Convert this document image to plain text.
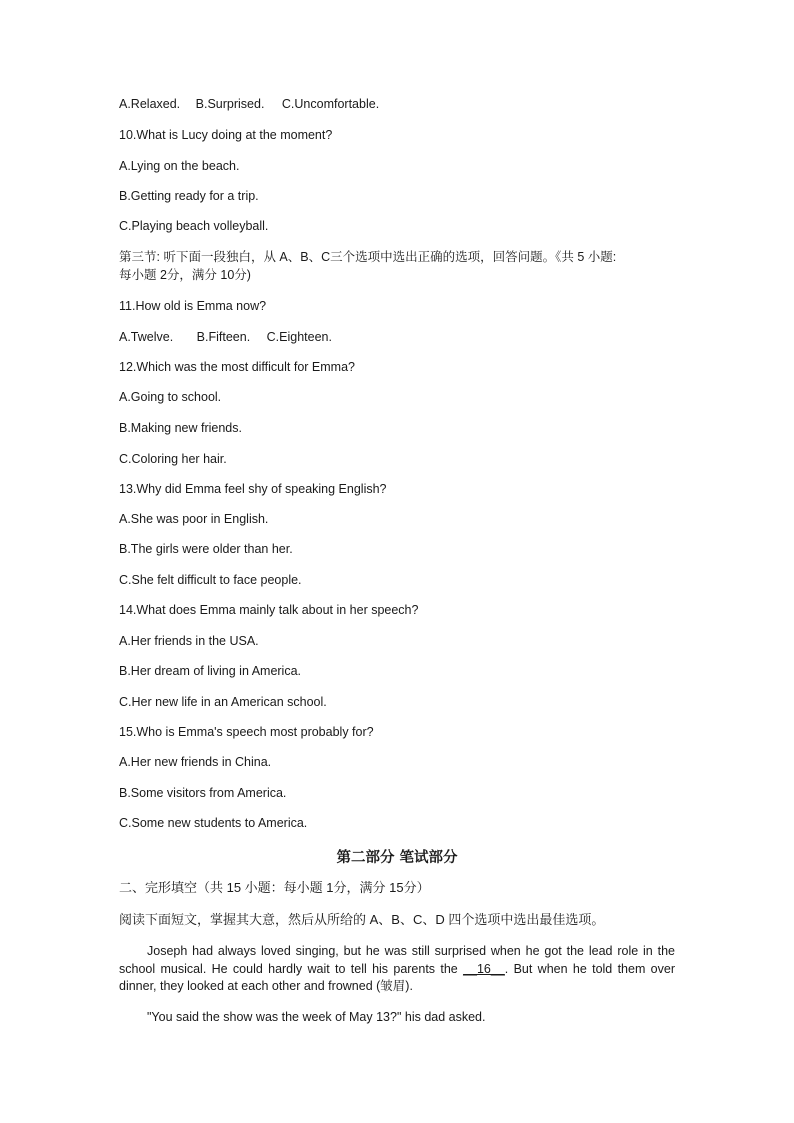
A.Relaxed. B.Surprised. C.Uncomfortable.
10.What is Lucy doing at the moment?
A.Lying on the beach.
B.Getting ready for a trip.
C.Playing beach volleyball.
第三节: 听下面一段独白，从 A、B、C三个选项中选出正确的选项，回答问题。《共 5 小题:
每小题 2分，满分 10分)
11.How old is Emma now?
A.Twelve. B.Fifteen. C.Eighteen.
12.Which was the most difficult for Emma?
A.Going to school.
B.Making new friends.
C.Coloring her hair.
13.Why did Emma feel shy of speaking English?
A.She was poor in English.
B.The girls were older than her.
C.She felt difficult to face people.
14.What does Emma mainly talk about in her speech?
A.Her friends in the USA.
B.Her dream of living in America.
C.Her new life in an American school.
15.Who is Emma's speech most probably for?
A.Her new friends in China.
B.Some visitors from America.
C.Some new students to America.
第二部分 笔试部分
二、完形填空（共 15 小题：每小题 1分，满分 15分）
阅读下面短文，掌握其大意，然后从所给的 A、B、C、D 四个选项中选出最佳选项。
Joseph had always loved singing, but he was still surprised when he got the lead role in the school musical. He could hardly wait to tell his parents the __16__. But when he told them over dinner, they looked at each other and frowned (皱眉).
"You said the show was the week of May 13?" his dad asked.
